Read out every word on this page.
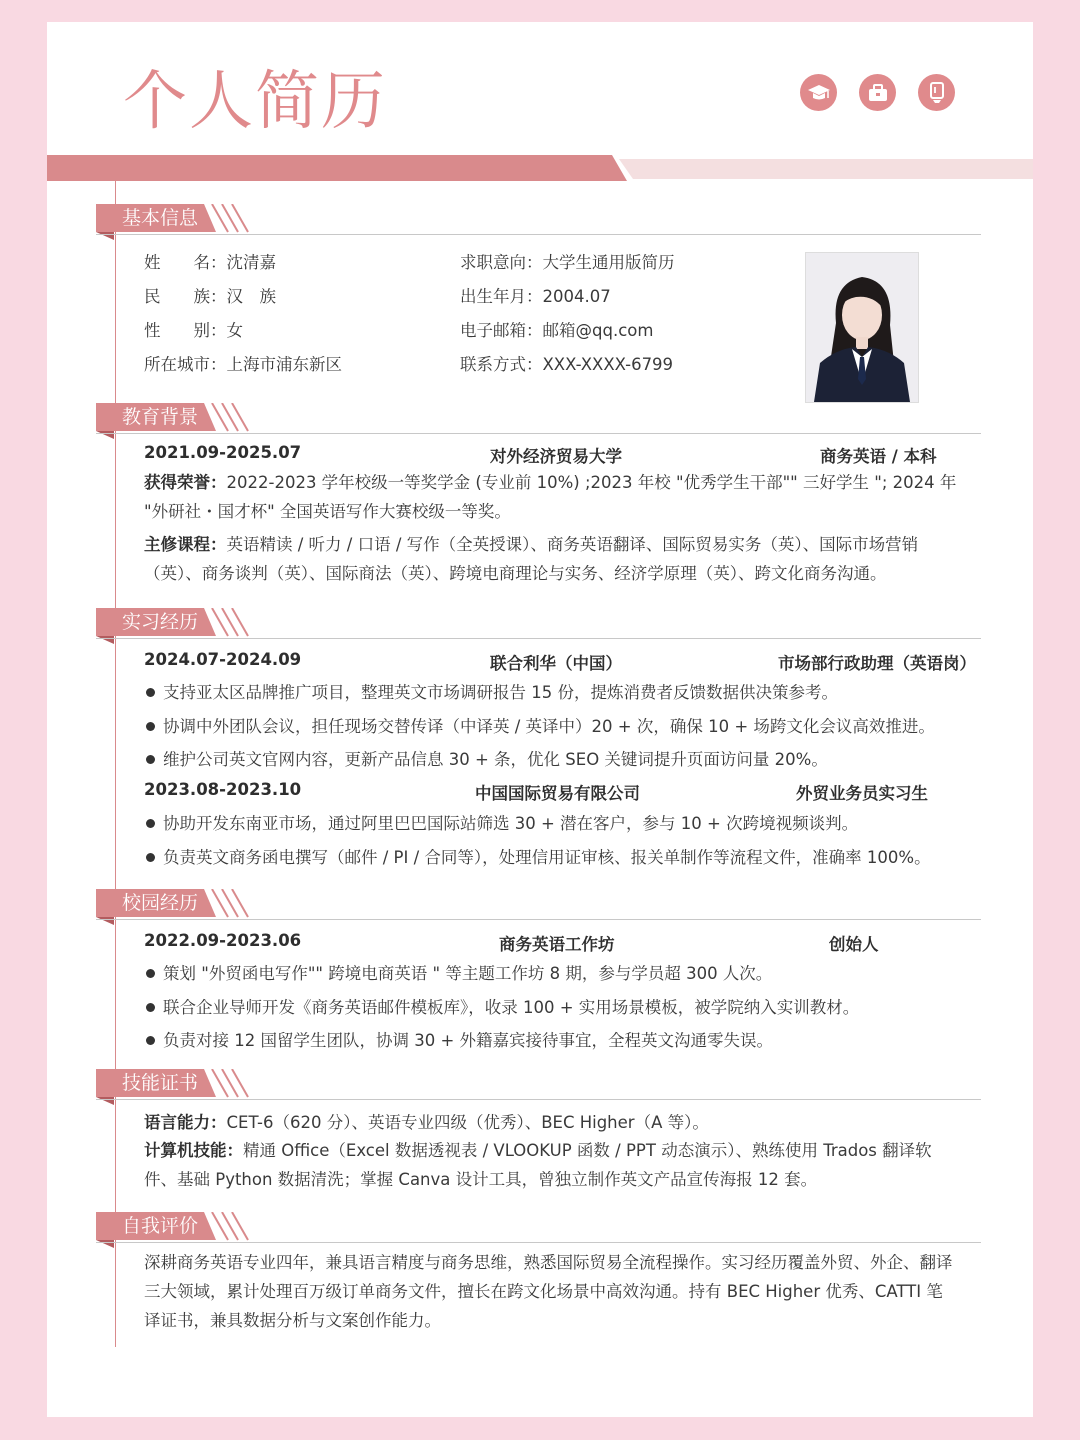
个人简历
基本信息
姓　　名：沈清嘉
民　　族：汉　族
性　　别：女
所在城市：上海市浦东新区
求职意向：大学生通用版简历
出生年月：2004.07
电子邮箱：邮箱@qq.com
联系方式：XXX-XXXX-6799
教育背景
2021.09-2025.07	对外经济贸易大学	商务英语 / 本科
获得荣誉：2022-2023 学年校级一等奖学金 (专业前 10%) ;2023 年校 "优秀学生干部"" 三好学生 "; 2024 年
"外研社・国才杯" 全国英语写作大赛校级一等奖。
主修课程：英语精读 / 听力 / 口语 / 写作（全英授课）、商务英语翻译、国际贸易实务（英）、国际市场营销
（英）、商务谈判（英）、国际商法（英）、跨境电商理论与实务、经济学原理（英）、跨文化商务沟通。
实习经历
2024.07-2024.09	联合利华（中国）	市场部行政助理（英语岗）
支持亚太区品牌推广项目，整理英文市场调研报告 15 份，提炼消费者反馈数据供决策参考。
协调中外团队会议，担任现场交替传译（中译英 / 英译中）20 + 次，确保 10 + 场跨文化会议高效推进。
维护公司英文官网内容，更新产品信息 30 + 条，优化 SEO 关键词提升页面访问量 20%。
2023.08-2023.10	中国国际贸易有限公司	外贸业务员实习生
协助开发东南亚市场，通过阿里巴巴国际站筛选 30 + 潜在客户，参与 10 + 次跨境视频谈判。
负责英文商务函电撰写（邮件 / PI / 合同等），处理信用证审核、报关单制作等流程文件，准确率 100%。
校园经历
2022.09-2023.06	商务英语工作坊	创始人
策划 "外贸函电写作"" 跨境电商英语 " 等主题工作坊 8 期，参与学员超 300 人次。
联合企业导师开发《商务英语邮件模板库》，收录 100 + 实用场景模板，被学院纳入实训教材。
负责对接 12 国留学生团队，协调 30 + 外籍嘉宾接待事宜，全程英文沟通零失误。
技能证书
语言能力：CET-6（620 分）、英语专业四级（优秀）、BEC Higher（A 等）。
计算机技能：精通 Office（Excel 数据透视表 / VLOOKUP 函数 / PPT 动态演示）、熟练使用 Trados 翻译软
件、基础 Python 数据清洗；掌握 Canva 设计工具，曾独立制作英文产品宣传海报 12 套。
自我评价
深耕商务英语专业四年，兼具语言精度与商务思维，熟悉国际贸易全流程操作。实习经历覆盖外贸、外企、翻译
三大领域，累计处理百万级订单商务文件，擅长在跨文化场景中高效沟通。持有 BEC Higher 优秀、CATTI 笔
译证书，兼具数据分析与文案创作能力。
